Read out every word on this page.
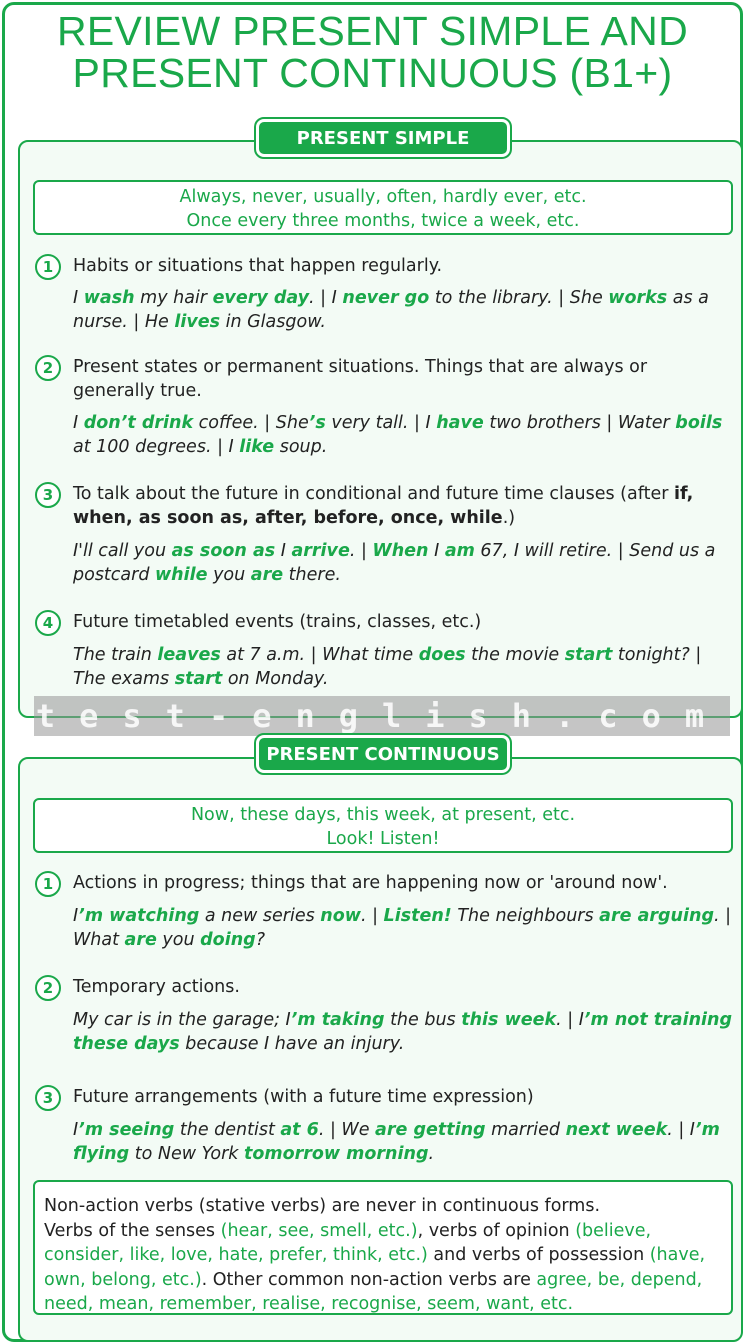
REVIEW PRESENT SIMPLE AND
PRESENT CONTINUOUS (B1+)
PRESENT SIMPLE
Always, never, usually, often, hardly ever, etc.
Once every three months, twice a week, etc.
1	Habits or situations that happen regularly.
I wash my hair every day. | I never go to the library. | She works as a nurse. | He lives in Glasgow.
2	Present states or permanent situations. Things that are always or generally true.
I don’t drink coffee. | She’s very tall. | I have two brothers | Water boils at 100 degrees. | I like soup.
3	To talk about the future in conditional and future time clauses (after if, when, as soon as, after, before, once, while.)
I'll call you as soon as I arrive. | When I am 67, I will retire. | Send us a postcard while you are there.
4	Future timetabled events (trains, classes, etc.)
The train leaves at 7 a.m. | What time does the movie start tonight? | The exams start on Monday.
test-english.com
PRESENT CONTINUOUS
Now, these days, this week, at present, etc.
Look! Listen!
1	Actions in progress; things that are happening now or 'around now'.
I’m watching a new series now. | Listen! The neighbours are arguing. | What are you doing?
2	Temporary actions.
My car is in the garage; I’m taking the bus this week. | I’m not training these days because I have an injury.
3	Future arrangements (with a future time expression)
I’m seeing the dentist at 6. | We are getting married next week. | I’m flying to New York tomorrow morning.
Non-action verbs (stative verbs) are never in continuous forms.
Verbs of the senses (hear, see, smell, etc.), verbs of opinion (believe, consider, like, love, hate, prefer, think, etc.) and verbs of possession (have, own, belong, etc.). Other common non-action verbs are agree, be, depend, need, mean, remember, realise, recognise, seem, want, etc.
